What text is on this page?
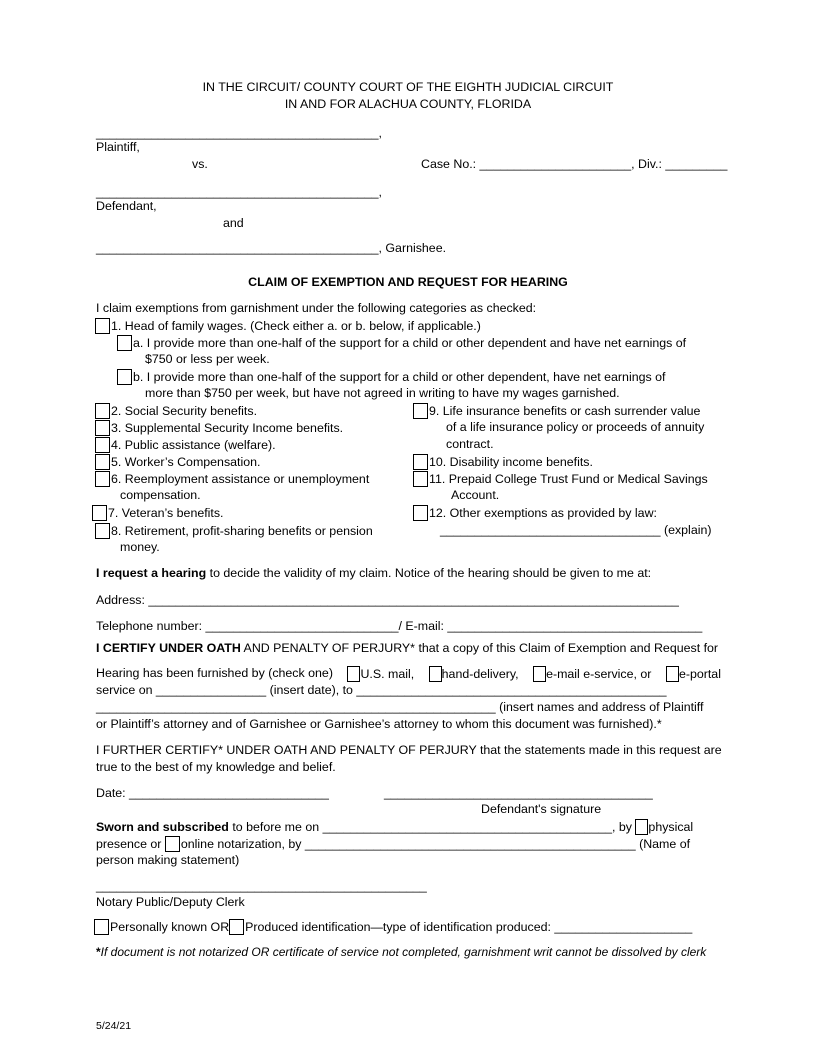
IN THE CIRCUIT/ COUNTY COURT OF THE EIGHTH JUDICIAL CIRCUIT
IN AND FOR ALACHUA COUNTY, FLORIDA
_________________________________________,
Plaintiff,
vs.	Case No.: ______________________, Div.: _________
_________________________________________,
Defendant,
and
_________________________________________, Garnishee.
CLAIM OF EXEMPTION AND REQUEST FOR HEARING
I claim exemptions from garnishment under the following categories as checked:
1. Head of family wages. (Check either a. or b. below, if applicable.)
a. I provide more than one-half of the support for a child or other dependent and have net earnings of
$750 or less per week.
b. I provide more than one-half of the support for a child or other dependent, have net earnings of
more than $750 per week, but have not agreed in writing to have my wages garnished.
2. Social Security benefits.
3. Supplemental Security Income benefits.
4. Public assistance (welfare).
5. Worker’s Compensation.
6. Reemployment assistance or unemployment
compensation.
7. Veteran’s benefits.
8. Retirement, profit-sharing benefits or pension
money.
9. Life insurance benefits or cash surrender value
of a life insurance policy or proceeds of annuity
contract.
10. Disability income benefits.
11. Prepaid College Trust Fund or Medical Savings
Account.
12. Other exemptions as provided by law:
________________________________ (explain)
I request a hearing to decide the validity of my claim. Notice of the hearing should be given to me at:
Address: _____________________________________________________________________________
Telephone number: ____________________________/ E-mail: _____________________________________
I CERTIFY UNDER OATH AND PENALTY OF PERJURY* that a copy of this Claim of Exemption and Request for
Hearing has been furnished by (check one)	U.S. mail,	hand-delivery,	e-mail e-service, or	e-portal
service on ________________ (insert date), to _____________________________________________
__________________________________________________________ (insert names and address of Plaintiff
or Plaintiff’s attorney and of Garnishee or Garnishee’s attorney to whom this document was furnished).*
I FURTHER CERTIFY* UNDER OATH AND PENALTY OF PERJURY that the statements made in this request are
true to the best of my knowledge and belief.
Date: _____________________________	_______________________________________
Defendant's signature
Sworn and subscribed to before me on __________________________________________, by physical
presence or online notarization, by ________________________________________________ (Name of
person making statement)
________________________________________________
Notary Public/Deputy Clerk
Personally known OR Produced identification—type of identification produced: ____________________
*If document is not notarized OR certificate of service not completed, garnishment writ cannot be dissolved by clerk
5/24/21
